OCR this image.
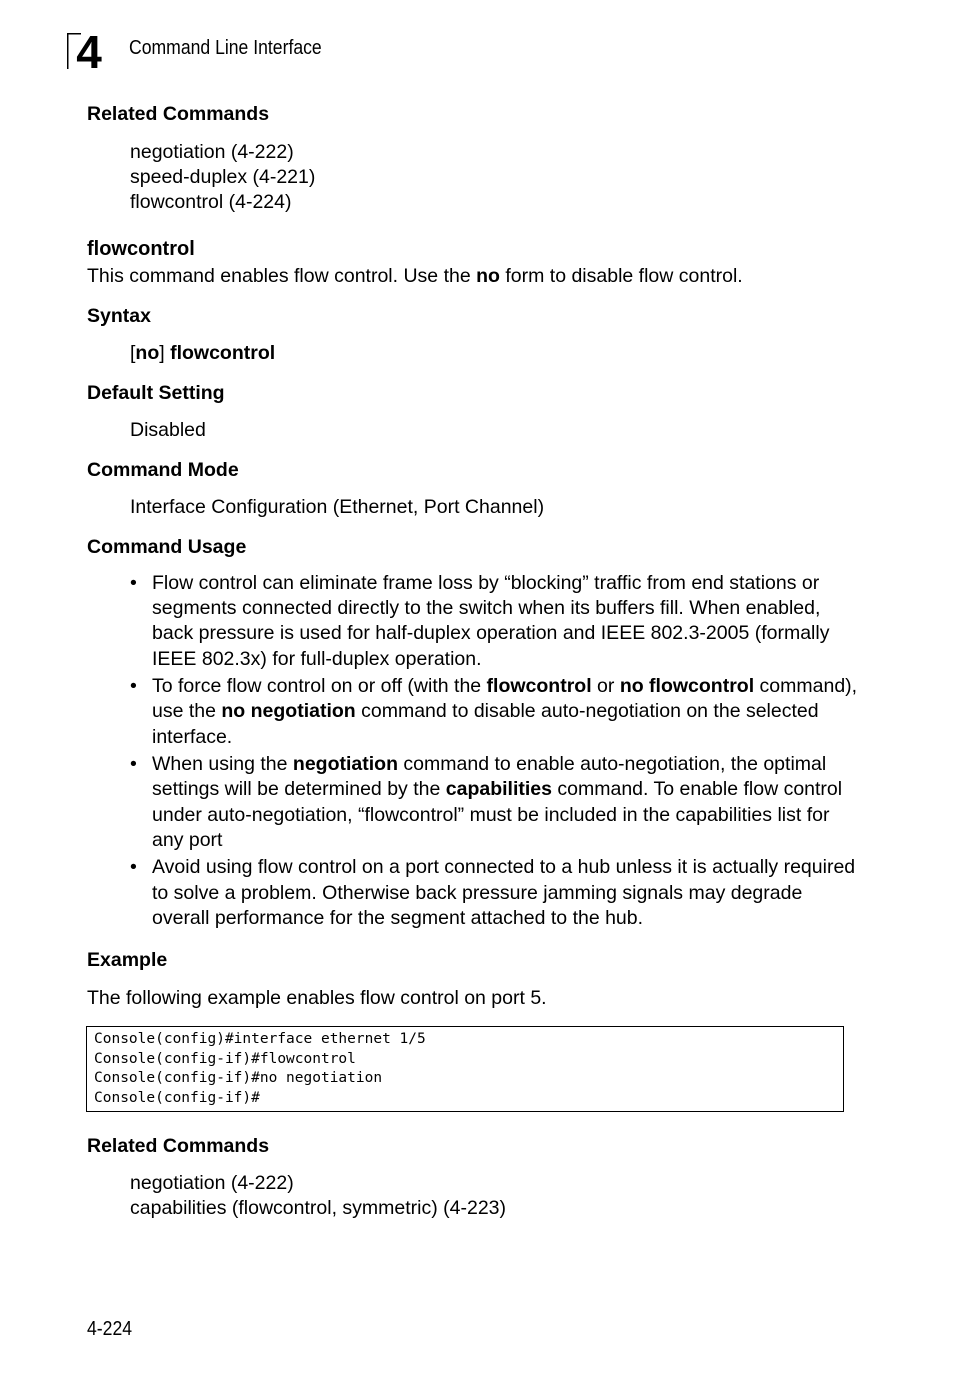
4 Command Line Interface
Related Commands
negotiation (4-222)
speed-duplex (4-221)
flowcontrol (4-224)
flowcontrol
This command enables flow control. Use the no form to disable flow control.
Syntax
[no] flowcontrol
Default Setting
Disabled
Command Mode
Interface Configuration (Ethernet, Port Channel)
Command Usage
• Flow control can eliminate frame loss by “blocking” traffic from end stations or segments connected directly to the switch when its buffers fill. When enabled, back pressure is used for half-duplex operation and IEEE 802.3-2005 (formally IEEE 802.3x) for full-duplex operation.
• To force flow control on or off (with the flowcontrol or no flowcontrol command), use the no negotiation command to disable auto-negotiation on the selected interface.
• When using the negotiation command to enable auto-negotiation, the optimal settings will be determined by the capabilities command. To enable flow control under auto-negotiation, “flowcontrol” must be included in the capabilities list for any port
• Avoid using flow control on a port connected to a hub unless it is actually required to solve a problem. Otherwise back pressure jamming signals may degrade overall performance for the segment attached to the hub.
Example
The following example enables flow control on port 5.
Console(config)#interface ethernet 1/5
Console(config-if)#flowcontrol
Console(config-if)#no negotiation
Console(config-if)#
Related Commands
negotiation (4-222)
capabilities (flowcontrol, symmetric) (4-223)
4-224
